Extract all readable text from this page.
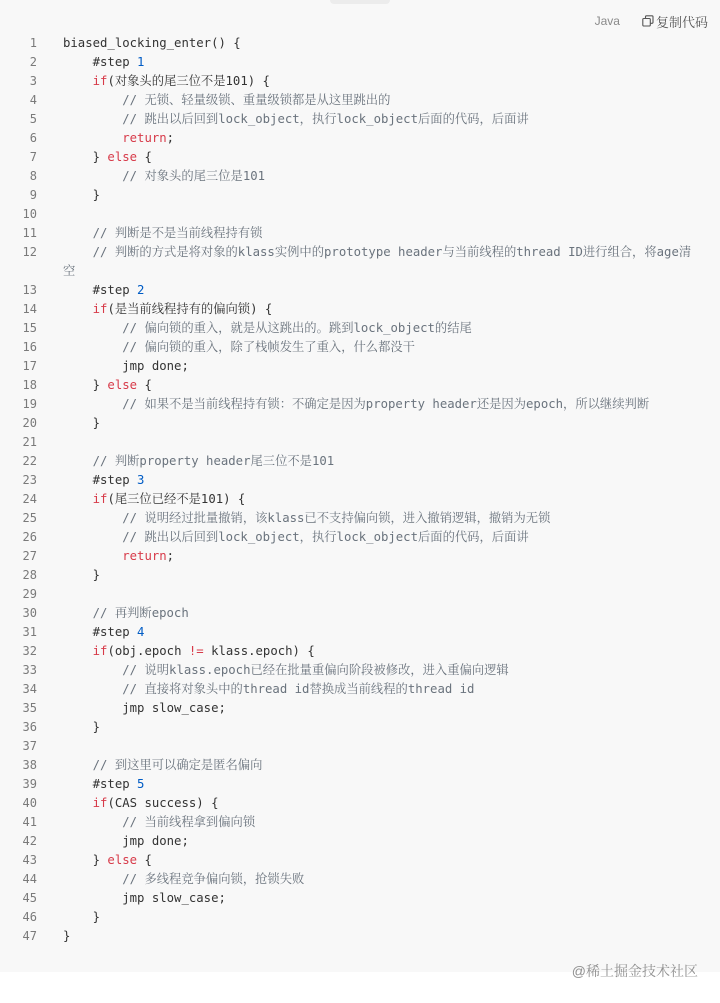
Java	复制代码
1 biased_locking_enter() {
2 #step 1
3	if(对象头的尾三位不是101) {
4	// 无锁、轻量级锁、重量级锁都是从这里跳出的
5	// 跳出以后回到lock_object，执行lock_object后面的代码，后面讲
6	return;
7 } else {
8	// 对象头的尾三位是101
9 }
10
11	// 判断是不是当前线程持有锁
12	// 判断的方式是将对象的klass实例中的prototype header与当前线程的thread ID进行组合，将age清
空
13 #step 2
14	if(是当前线程持有的偏向锁) {
15	// 偏向锁的重入，就是从这跳出的。跳到lock_object的结尾
16	// 偏向锁的重入，除了栈帧发生了重入，什么都没干
17 jmp done;
18 } else {
19	// 如果不是当前线程持有锁：不确定是因为property header还是因为epoch，所以继续判断
20 }
21
22	// 判断property header尾三位不是101
23 #step 3
24	if(尾三位已经不是101) {
25	// 说明经过批量撤销，该klass已不支持偏向锁，进入撤销逻辑，撤销为无锁
26	// 跳出以后回到lock_object，执行lock_object后面的代码，后面讲
27	return;
28 }
29
30	// 再判断epoch
31 #step 4
32	if(obj.epoch != klass.epoch) {
33	// 说明klass.epoch已经在批量重偏向阶段被修改，进入重偏向逻辑
34	// 直接将对象头中的thread id替换成当前线程的thread id
35 jmp slow_case;
36 }
37
38	// 到这里可以确定是匿名偏向
39 #step 5
40	if(CAS success) {
41	// 当前线程拿到偏向锁
42 jmp done;
43 } else {
44	// 多线程竞争偏向锁，抢锁失败
45 jmp slow_case;
46 }
47 }
@稀土掘金技术社区
